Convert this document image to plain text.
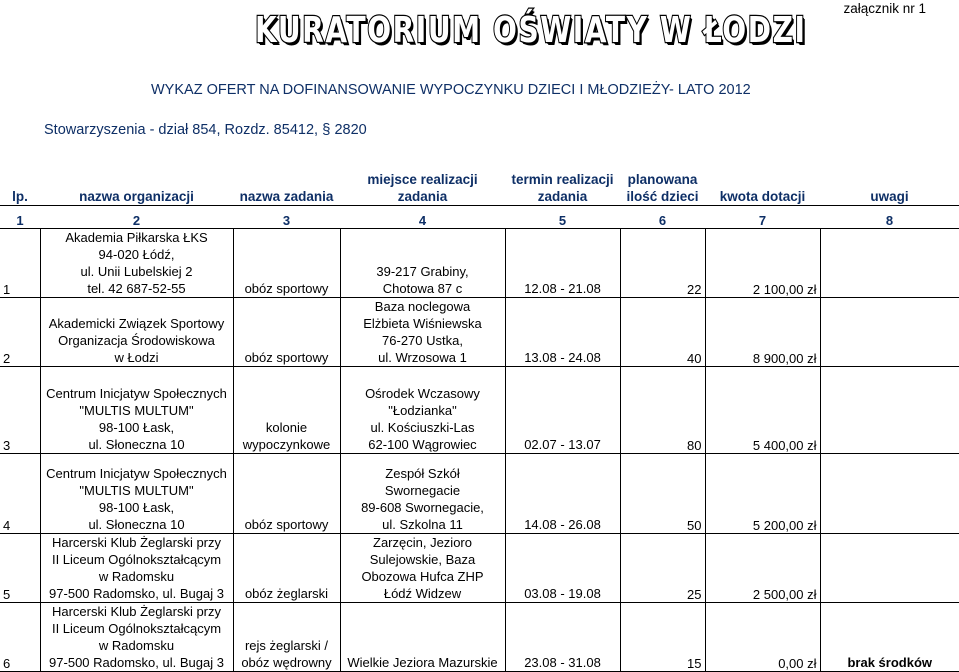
KURATORIUM OŚWIATY W ŁODZI
załącznik nr 1
WYKAZ OFERT NA DOFINANSOWANIE WYPOCZYNKU DZIECI I MŁODZIEŻY- LATO 2012
Stowarzyszenia - dział 854, Rozdz. 85412, § 2820
lp.	nazwa organizacji	nazwa zadania	miejsce realizacji zadania	termin realizacji zadania	planowana ilość dzieci	kwota dotacji	uwagi
1	2	3	4	5	6	7	8
1	Akademia Piłkarska ŁKS
94-020 Łódź,
ul. Unii Lubelskiej 2
tel. 42 687-52-55	obóz sportowy	39-217 Grabiny,
Chotowa 87 c	12.08 - 21.08	22	2 100,00 zł	
2	Akademicki Związek Sportowy
Organizacja Środowiskowa
w Łodzi	obóz sportowy	Baza noclegowa
Elżbieta Wiśniewska
76-270 Ustka,
ul. Wrzosowa 1	13.08 - 24.08	40	8 900,00 zł	
3	Centrum Inicjatyw Społecznych
"MULTIS MULTUM"
98-100 Łask,
ul. Słoneczna 10	kolonie
wypoczynkowe	Ośrodek Wczasowy
"Łodzianka"
ul. Kościuszki-Las
62-100 Wągrowiec	02.07 - 13.07	80	5 400,00 zł	
4	Centrum Inicjatyw Społecznych
"MULTIS MULTUM"
98-100 Łask,
ul. Słoneczna 10	obóz sportowy	Zespół Szkół
Swornegacie
89-608 Swornegacie,
ul. Szkolna 11	14.08 - 26.08	50	5 200,00 zł	
5	Harcerski Klub Żeglarski przy
II Liceum Ogólnokształcącym
w Radomsku
97-500 Radomsko, ul. Bugaj 3	obóz żeglarski	Zarzęcin, Jezioro
Sulejowskie, Baza
Obozowa Hufca ZHP
Łódź Widzew	03.08 - 19.08	25	2 500,00 zł	
6	Harcerski Klub Żeglarski przy
II Liceum Ogólnokształcącym
w Radomsku
97-500 Radomsko, ul. Bugaj 3	rejs żeglarski /
obóz wędrowny	Wielkie Jeziora Mazurskie	23.08 - 31.08	15	0,00 zł	brak środków
